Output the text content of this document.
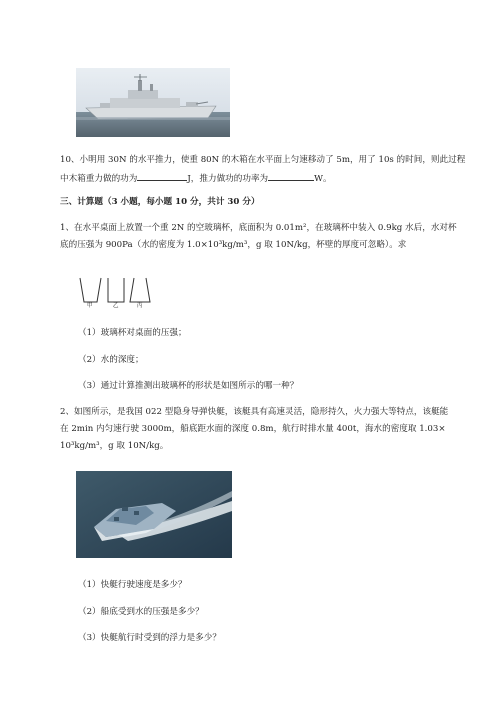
10、小明用 30N 的水平推力，使重 80N 的木箱在水平面上匀速移动了 5m，用了 10s 的时间，则此过程
中木箱重力做的功为	J，推力做功的功率为	W。
三、计算题（3 小题，每小题 10 分，共计 30 分）
1、在水平桌面上放置一个重 2N 的空玻璃杯，底面积为 0.01m²，在玻璃杯中装入 0.9kg 水后，水对杯
底的压强为 900Pa（水的密度为 1.0×10³kg/m³，g 取 10N/kg，杯壁的厚度可忽略）。求
甲	乙	丙
（1）玻璃杯对桌面的压强；
（2）水的深度；
（3）通过计算推测出玻璃杯的形状是如图所示的哪一种？
2、如图所示，是我国 022 型隐身导弹快艇，该艇具有高速灵活，隐形持久，火力强大等特点，该艇能
在 2min 内匀速行驶 3000m，船底距水面的深度 0.8m，航行时排水量 400t，海水的密度取 1.03×
10³kg/m³，g 取 10N/kg。
（1）快艇行驶速度是多少？
（2）船底受到水的压强是多少？
（3）快艇航行时受到的浮力是多少？
